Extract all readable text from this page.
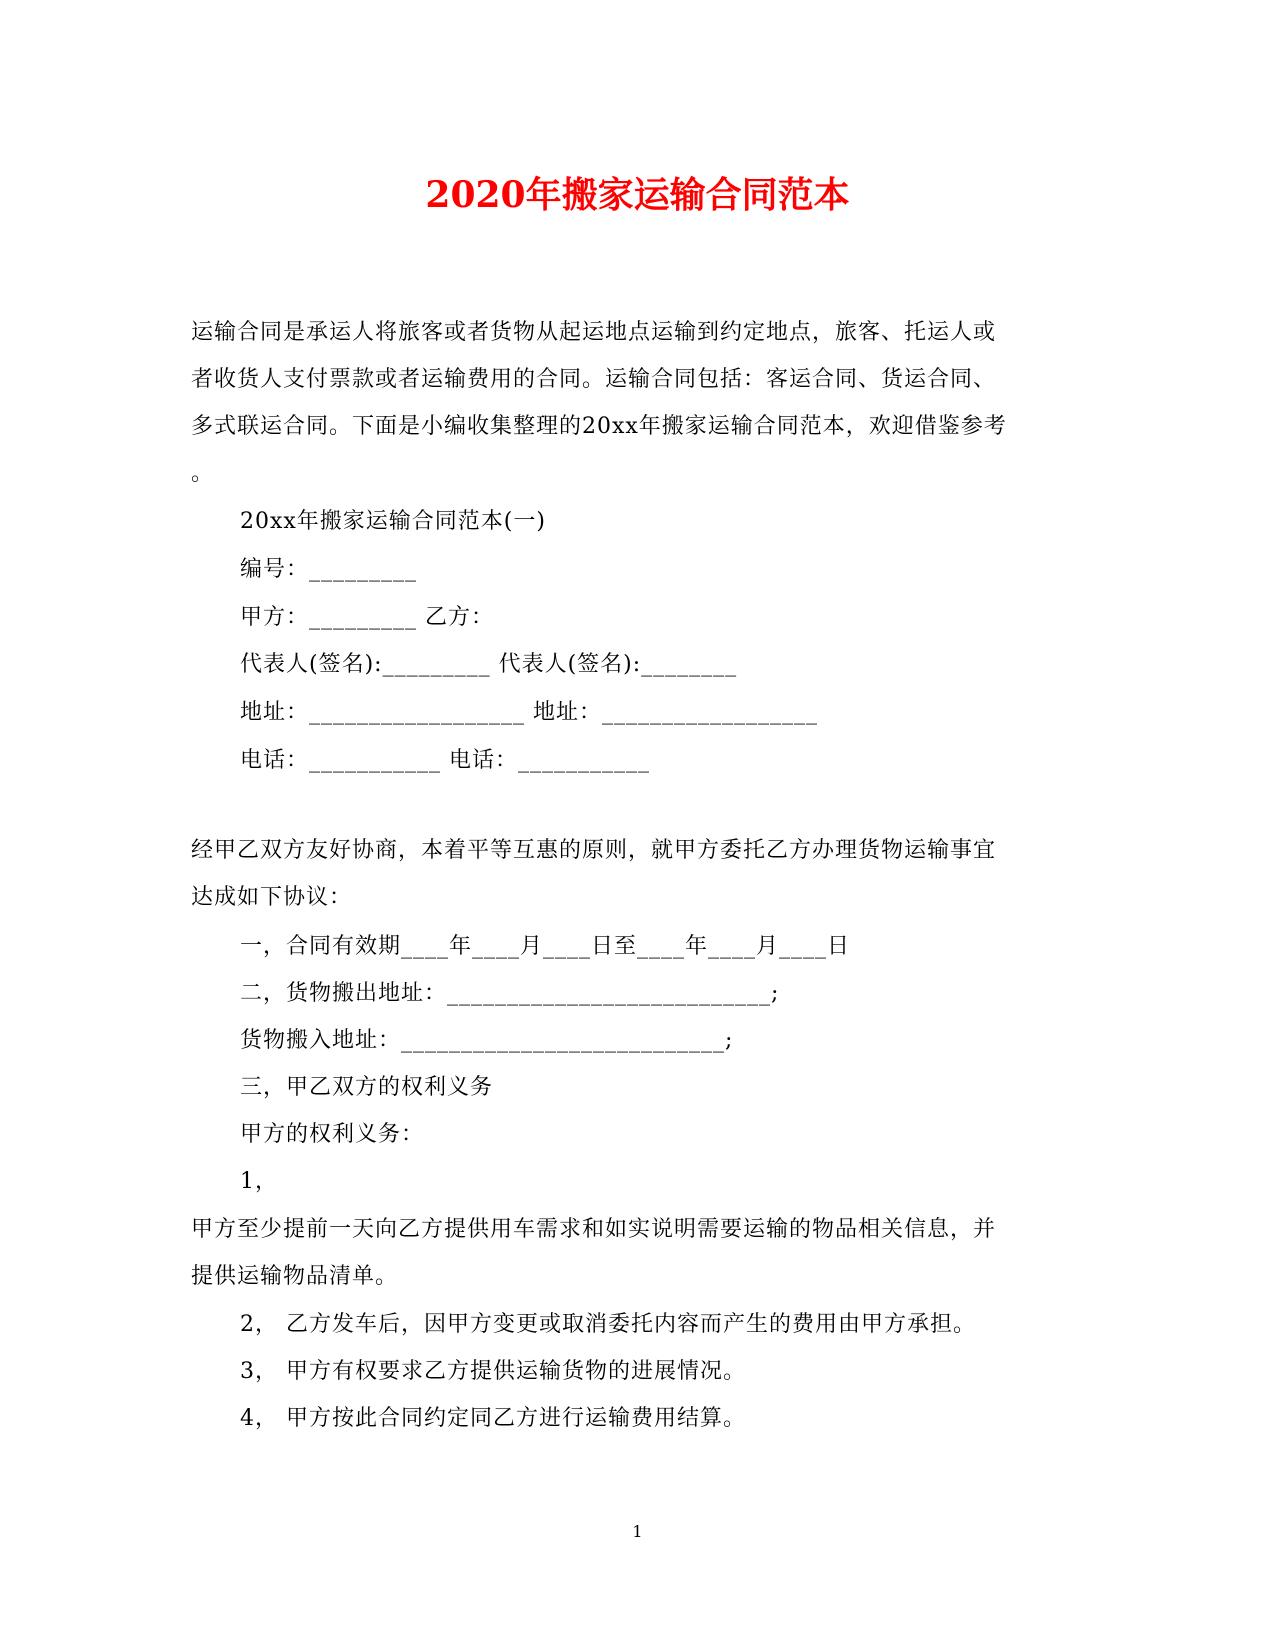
2020年搬家运输合同范本
运输合同是承运人将旅客或者货物从起运地点运输到约定地点，旅客、托运人或
者收货人支付票款或者运输费用的合同。运输合同包括：客运合同、货运合同、
多式联运合同。下面是小编收集整理的20xx年搬家运输合同范本，欢迎借鉴参考
。
20xx年搬家运输合同范本(一)
编号：_________
甲方：_________ 乙方：
代表人(签名):_________ 代表人(签名):________
地址：__________________ 地址：__________________
电话：___________ 电话：___________
经甲乙双方友好协商，本着平等互惠的原则，就甲方委托乙方办理货物运输事宜
达成如下协议：
一，合同有效期____年____月____日至____年____月____日
二，货物搬出地址：___________________________;
货物搬入地址：___________________________;
三，甲乙双方的权利义务
甲方的权利义务：
1，
甲方至少提前一天向乙方提供用车需求和如实说明需要运输的物品相关信息，并
提供运输物品清单。
2， 乙方发车后，因甲方变更或取消委托内容而产生的费用由甲方承担。
3， 甲方有权要求乙方提供运输货物的进展情况。
4， 甲方按此合同约定同乙方进行运输费用结算。
1
